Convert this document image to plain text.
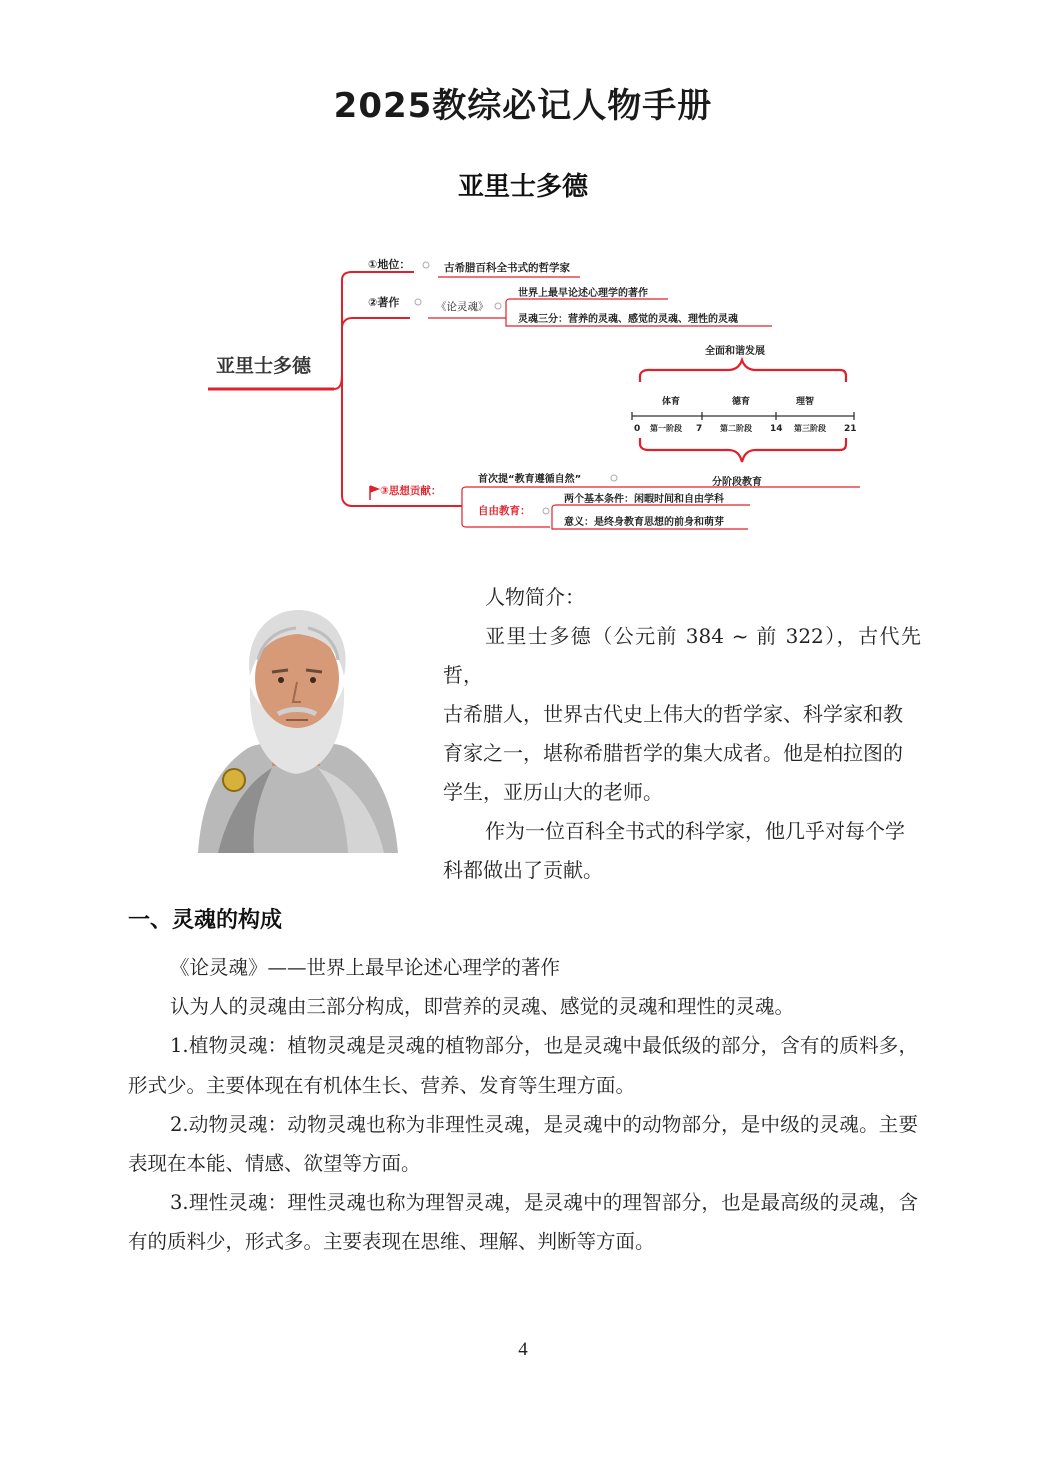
2025教综必记人物手册
亚里士多德
亚里士多德
①地位：	古希腊百科全书式的哲学家
②著作	《论灵魂》
世界上最早论述心理学的著作
灵魂三分：营养的灵魂、感觉的灵魂、理性的灵魂
全面和谐发展
体育	德育	理智
0 第一阶段 7 第二阶段 14 第三阶段 21
③思想贡献：
首次提“教育遵循自然”	分阶段教育
自由教育：
两个基本条件：闲暇时间和自由学科
意义：是终身教育思想的前身和萌芽

人物简介：

亚里士多德（公元前 384 ~ 前 322），古代先哲，

古希腊人，世界古代史上伟大的哲学家、科学家和教

育家之一，堪称希腊哲学的集大成者。他是柏拉图的

学生，亚历山大的老师。

作为一位百科全书式的科学家，他几乎对每个学

科都做出了贡献。

一、灵魂的构成

《论灵魂》——世界上最早论述心理学的著作

认为人的灵魂由三部分构成，即营养的灵魂、感觉的灵魂和理性的灵魂。

1.植物灵魂：植物灵魂是灵魂的植物部分，也是灵魂中最低级的部分，含有的质料多，形式少。主要体现在有机体生长、营养、发育等生理方面。

2.动物灵魂：动物灵魂也称为非理性灵魂，是灵魂中的动物部分，是中级的灵魂。主要表现在本能、情感、欲望等方面。

3.理性灵魂：理性灵魂也称为理智灵魂，是灵魂中的理智部分，也是最高级的灵魂，含有的质料少，形式多。主要表现在思维、理解、判断等方面。

4
